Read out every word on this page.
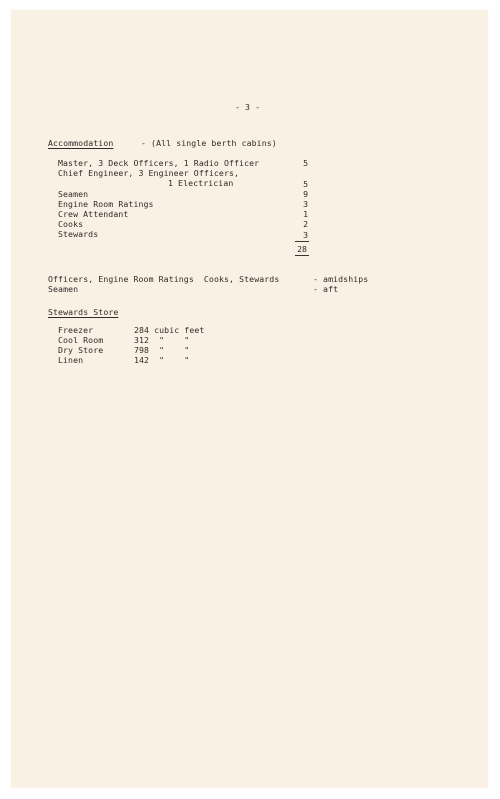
- 3 -
Accommodation	- (All single berth cabins)
Master, 3 Deck Officers, 1 Radio Officer	5
Chief Engineer, 3 Engineer Officers,
1 Electrician	5
Seamen	9
Engine Room Ratings	3
Crew Attendant	1
Cooks	2
Stewards	3
28
Officers, Engine Room Ratings  Cooks, Stewards	- amidships
Seamen	- aft
Stewards Store
Freezer	284 cubic feet
Cool Room	312  "    "
Dry Store	798  "    "
Linen	142  "    "
